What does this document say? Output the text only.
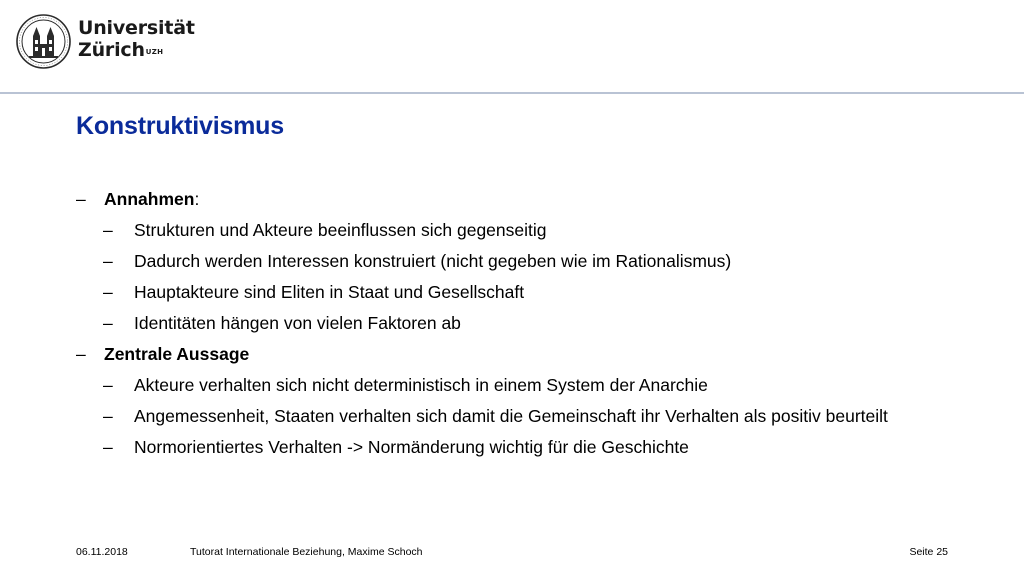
Universität
Zürich$^{UZH}$
Konstruktivismus
– Annahmen:
– Strukturen und Akteure beeinflussen sich gegenseitig
– Dadurch werden Interessen konstruiert (nicht gegeben wie im Rationalismus)
– Hauptakteure sind Eliten in Staat und Gesellschaft
– Identitäten hängen von vielen Faktoren ab
– Zentrale Aussage
– Akteure verhalten sich nicht deterministisch in einem System der Anarchie
– Angemessenheit, Staaten verhalten sich damit die Gemeinschaft ihr Verhalten als positiv beurteilt
– Normorientiertes Verhalten -> Normänderung wichtig für die Geschichte
06.11.2018	Tutorat Internationale Beziehung, Maxime Schoch	Seite 25
